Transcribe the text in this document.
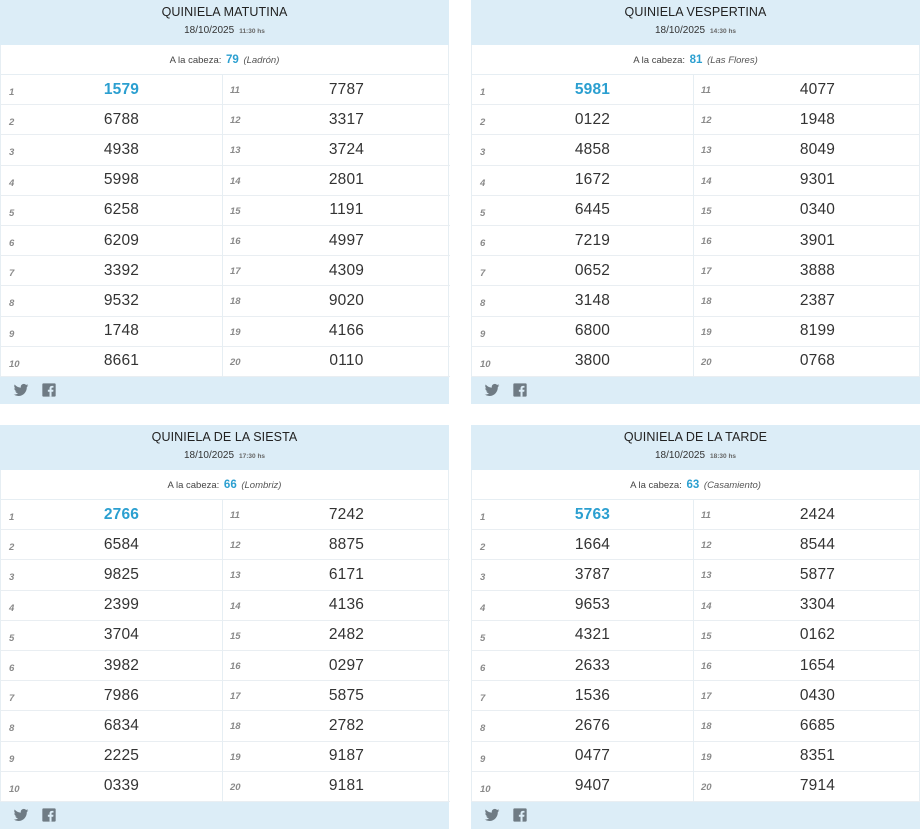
QUINIELA MATUTINA
18/10/2025 11:30 hs
A la cabeza: 79 (Ladrón)
1	1579
2	6788
3	4938
4	5998
5	6258
6	6209
7	3392
8	9532
9	1748
10	8661
11	7787
12	3317
13	3724
14	2801
15	1191
16	4997
17	4309
18	9020
19	4166
20	0110
QUINIELA VESPERTINA
18/10/2025 14:30 hs
A la cabeza: 81 (Las Flores)
1	5981
2	0122
3	4858
4	1672
5	6445
6	7219
7	0652
8	3148
9	6800
10	3800
11	4077
12	1948
13	8049
14	9301
15	0340
16	3901
17	3888
18	2387
19	8199
20	0768
QUINIELA DE LA SIESTA
18/10/2025 17:30 hs
A la cabeza: 66 (Lombriz)
1	2766
2	6584
3	9825
4	2399
5	3704
6	3982
7	7986
8	6834
9	2225
10	0339
11	7242
12	8875
13	6171
14	4136
15	2482
16	0297
17	5875
18	2782
19	9187
20	9181
QUINIELA DE LA TARDE
18/10/2025 18:30 hs
A la cabeza: 63 (Casamiento)
1	5763
2	1664
3	3787
4	9653
5	4321
6	2633
7	1536
8	2676
9	0477
10	9407
11	2424
12	8544
13	5877
14	3304
15	0162
16	1654
17	0430
18	6685
19	8351
20	7914
